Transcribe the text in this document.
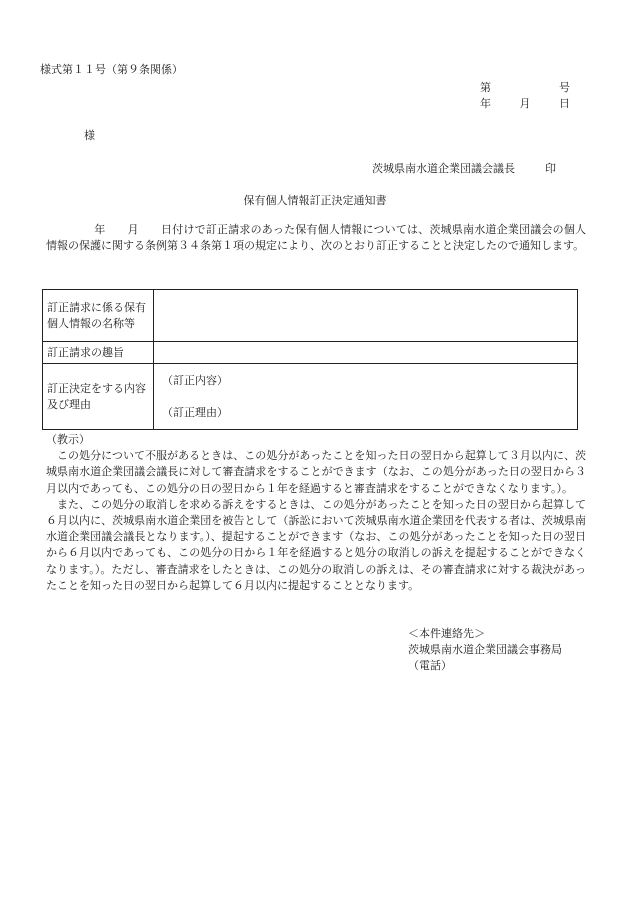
様式第１１号（第９条関係）
第	号
年	月	日
様
茨城県南水道企業団議会議長	印
保有個人情報訂正決定通知書
年 月 日付けで訂正請求のあった保有個人情報については、茨城県南水道企業団議会の個人情報の保護に関する条例第３４条第１項の規定により、次のとおり訂正することと決定したので通知します。
訂正請求に係る保有個人情報の名称等	
訂正請求の趣旨	
訂正決定をする内容及び理由	（訂正内容）
（訂正理由）

（教示）

この処分について不服があるときは、この処分があったことを知った日の翌日から起算して３月以内に、茨城県南水道企業団議会議長に対して審査請求をすることができます（なお、この処分があった日の翌日から３月以内であっても、この処分の日の翌日から１年を経過すると審査請求をすることができなくなります。）。

また、この処分の取消しを求める訴えをするときは、この処分があったことを知った日の翌日から起算して６月以内に、茨城県南水道企業団を被告として（訴訟において茨城県南水道企業団を代表する者は、茨城県南水道企業団議会議長となります。）、提起することができます（なお、この処分があったことを知った日の翌日から６月以内であっても、この処分の日から１年を経過すると処分の取消しの訴えを提起することができなくなります。）。ただし、審査請求をしたときは、この処分の取消しの訴えは、その審査請求に対する裁決があったことを知った日の翌日から起算して６月以内に提起することとなります。

＜本件連絡先＞
茨城県南水道企業団議会事務局
（電話）
